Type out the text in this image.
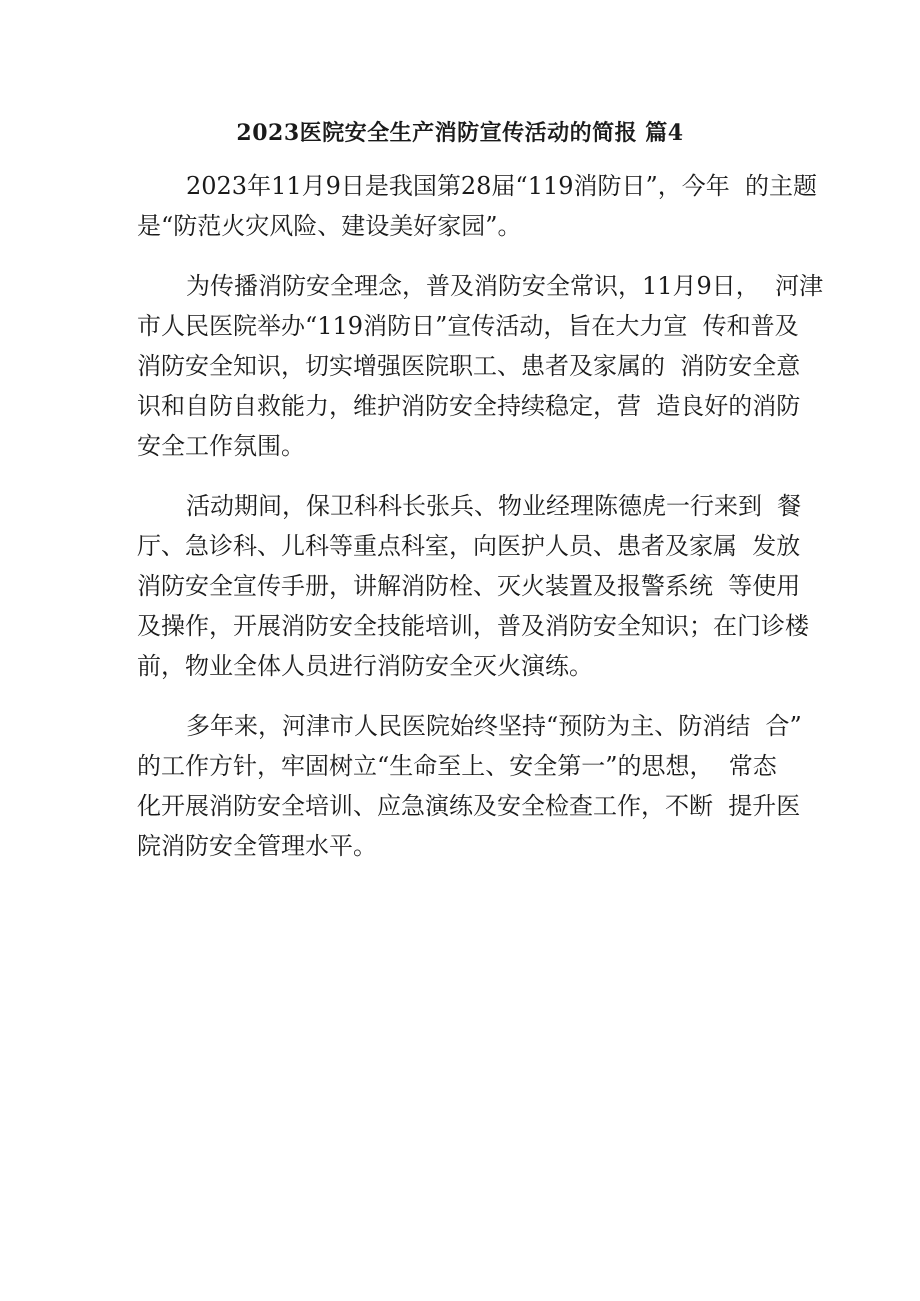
2023医院安全生产消防宣传活动的简报 篇4
2023年11月9日是我国第28届“119消防日”，今年  的主题
是“防范火灾风险、建设美好家园”。
为传播消防安全理念，普及消防安全常识，11月9日，  河津
市人民医院举办“119消防日”宣传活动，旨在大力宣  传和普及
消防安全知识，切实增强医院职工、患者及家属的  消防安全意
识和自防自救能力，维护消防安全持续稳定，营  造良好的消防
安全工作氛围。
活动期间，保卫科科长张兵、物业经理陈德虎一行来到  餐
厅、急诊科、儿科等重点科室，向医护人员、患者及家属  发放
消防安全宣传手册，讲解消防栓、灭火装置及报警系统  等使用
及操作，开展消防安全技能培训，普及消防安全知识；在门诊楼
前，物业全体人员进行消防安全灭火演练。
多年来，河津市人民医院始终坚持“预防为主、防消结  合”
的工作方针，牢固树立“生命至上、安全第一”的思想，  常态
化开展消防安全培训、应急演练及安全检查工作，不断  提升医
院消防安全管理水平。
